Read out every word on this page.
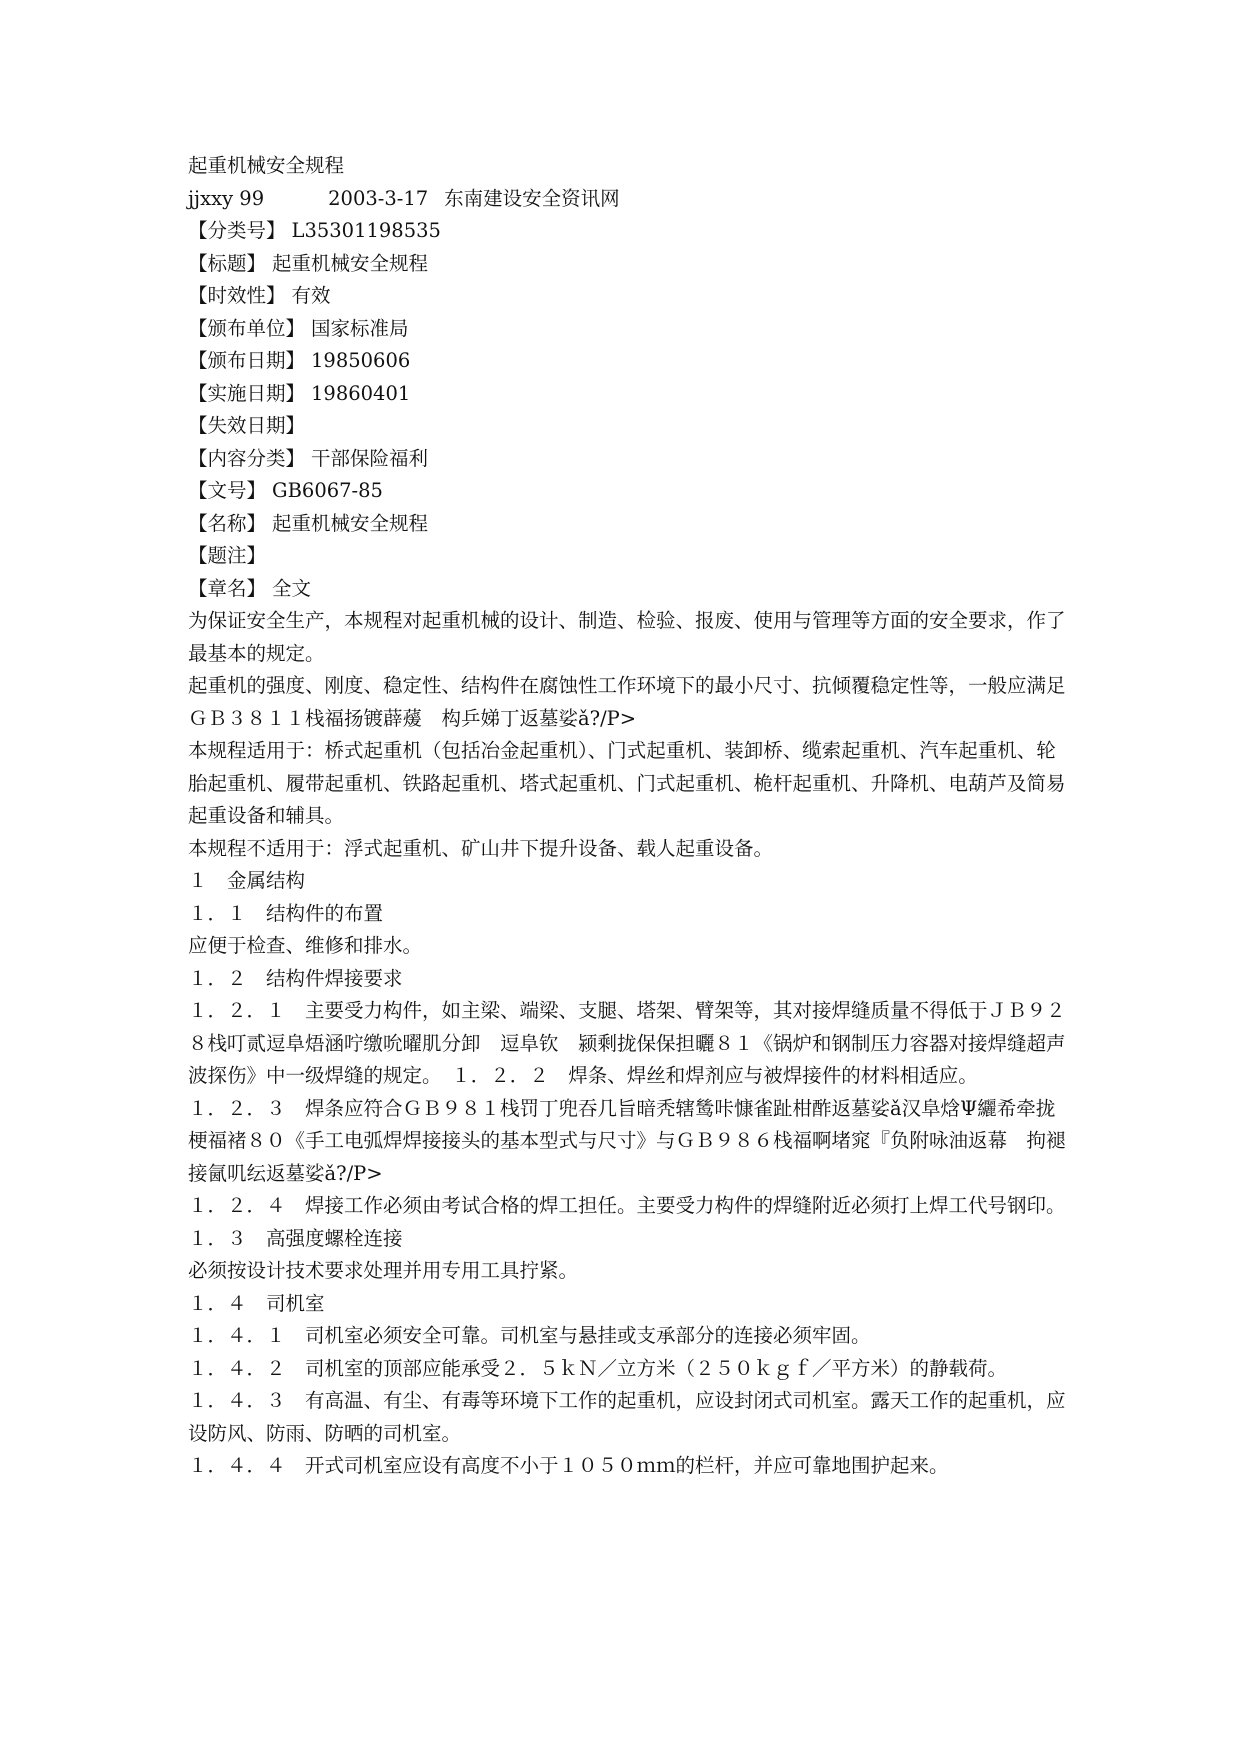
起重机械安全规程
jjxxy 99	2003-3-17 东南建设安全资讯网
【分类号】 L35301198535
【标题】 起重机械安全规程
【时效性】 有效
【颁布单位】 国家标准局
【颁布日期】 19850606
【实施日期】 19860401
【失效日期】
【内容分类】 干部保险福利
【文号】 GB6067-85
【名称】 起重机械安全规程
【题注】
【章名】 全文
为保证安全生产，本规程对起重机械的设计、制造、检验、报废、使用与管理等方面的安全要求，作了最基本的规定。
起重机的强度、刚度、稳定性、结构件在腐蚀性工作环境下的最小尺寸、抗倾覆稳定性等，一般应满足ＧＢ３８１１栈福扬镀薜蕿　构乒娣丁返墓娑ǎ?/P>
本规程适用于：桥式起重机（包括冶金起重机）、门式起重机、装卸桥、缆索起重机、汽车起重机、轮胎起重机、履带起重机、铁路起重机、塔式起重机、门式起重机、桅杆起重机、升降机、电葫芦及简易起重设备和辅具。
本规程不适用于：浮式起重机、矿山井下提升设备、载人起重设备。
１　金属结构
１．１　结构件的布置
应便于检查、维修和排水。
１．２　结构件焊接要求
１．２．１　主要受力构件，如主梁、端梁、支腿、塔架、臂架等，其对接焊缝质量不得低于ＪＢ９２８栈叮贰逗阜焐涵咛缴吮曜肌分卸　逗阜钦　颍剩拢保保担曬８１《锅炉和钢制压力容器对接焊缝超声波探伤》中一级焊缝的规定。　１．２．２　焊条、焊丝和焊剂应与被焊接件的材料相适应。
１．２．３　焊条应符合ＧＢ９８１栈罚丁兜吞几旨暗秃辖鸶咔慷雀趾柑酢返墓娑ǎ汉阜焓Ψ纚希牵拢梗福褚８０《手工电弧焊焊接接头的基本型式与尺寸》与ＧＢ９８６栈福啊堵窕『负附咏油返幕　拘褪接氤叽纭返墓娑ǎ?/P>
１．２．４　焊接工作必须由考试合格的焊工担任。主要受力构件的焊缝附近必须打上焊工代号钢印。
１．３　高强度螺栓连接
必须按设计技术要求处理并用专用工具拧紧。
１．４　司机室
１．４．１　司机室必须安全可靠。司机室与悬挂或支承部分的连接必须牢固。
１．４．２　司机室的顶部应能承受２．５ｋＮ／立方米（２５０ｋｇｆ／平方米）的静载荷。
１．４．３　有高温、有尘、有毒等环境下工作的起重机，应设封闭式司机室。露天工作的起重机，应设防风、防雨、防晒的司机室。
１．４．４　开式司机室应设有高度不小于１０５０ｍｍ的栏杆，并应可靠地围护起来。
